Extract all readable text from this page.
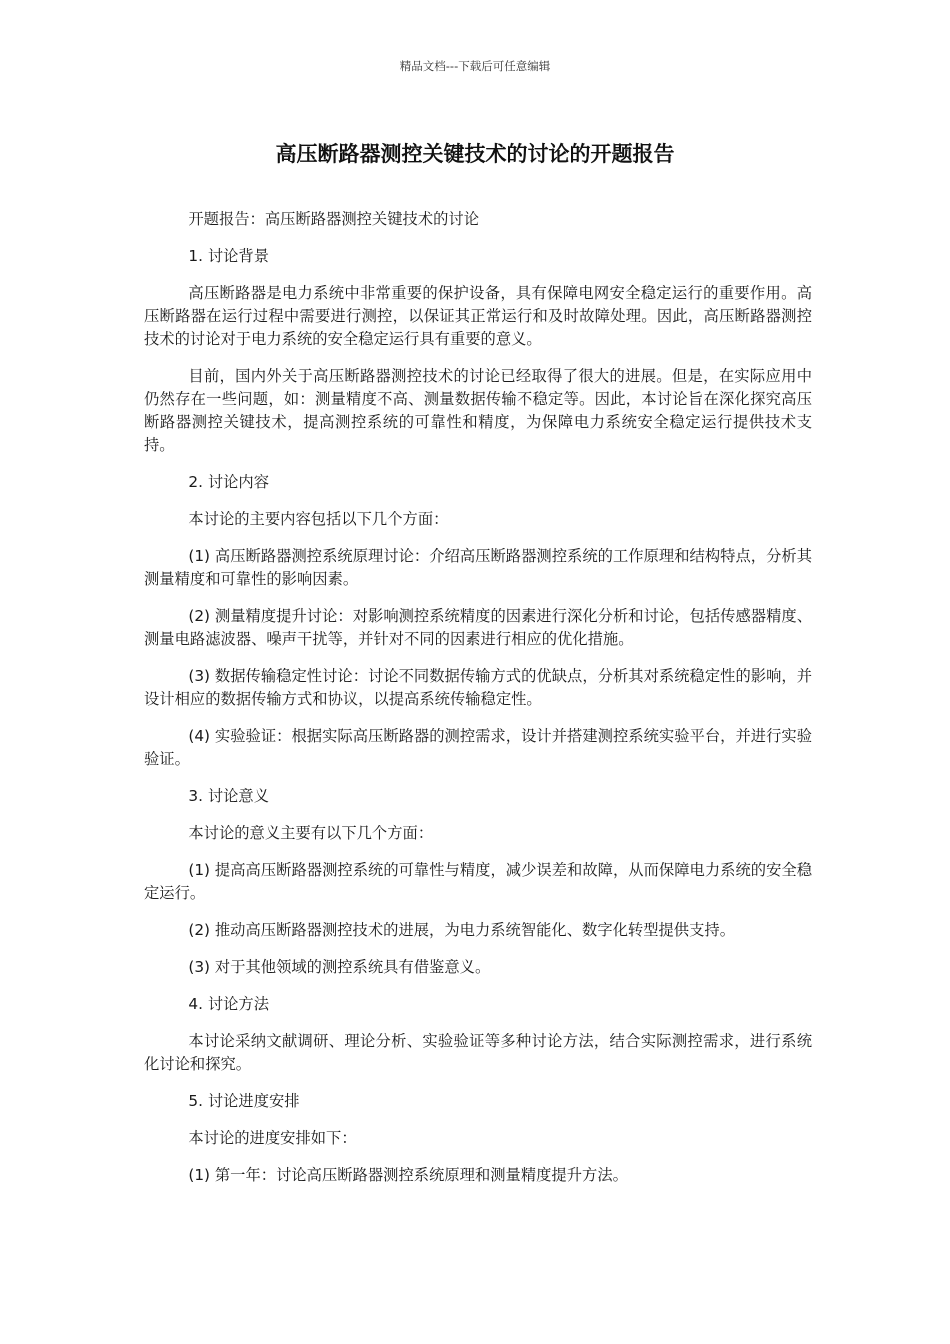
精品文档---下载后可任意编辑
高压断路器测控关键技术的讨论的开题报告

开题报告：高压断路器测控关键技术的讨论

1. 讨论背景

高压断路器是电力系统中非常重要的保护设备，具有保障电网安全稳定运行的重要作用。高压断路器在运行过程中需要进行测控，以保证其正常运行和及时故障处理。因此，高压断路器测控技术的讨论对于电力系统的安全稳定运行具有重要的意义。

目前，国内外关于高压断路器测控技术的讨论已经取得了很大的进展。但是，在实际应用中仍然存在一些问题，如：测量精度不高、测量数据传输不稳定等。因此，本讨论旨在深化探究高压断路器测控关键技术，提高测控系统的可靠性和精度，为保障电力系统安全稳定运行提供技术支持。

2. 讨论内容

本讨论的主要内容包括以下几个方面：

(1) 高压断路器测控系统原理讨论：介绍高压断路器测控系统的工作原理和结构特点，分析其测量精度和可靠性的影响因素。

(2) 测量精度提升讨论：对影响测控系统精度的因素进行深化分析和讨论，包括传感器精度、测量电路滤波器、噪声干扰等，并针对不同的因素进行相应的优化措施。

(3) 数据传输稳定性讨论：讨论不同数据传输方式的优缺点，分析其对系统稳定性的影响，并设计相应的数据传输方式和协议，以提高系统传输稳定性。

(4) 实验验证：根据实际高压断路器的测控需求，设计并搭建测控系统实验平台，并进行实验验证。

3. 讨论意义

本讨论的意义主要有以下几个方面：

(1) 提高高压断路器测控系统的可靠性与精度，减少误差和故障，从而保障电力系统的安全稳定运行。

(2) 推动高压断路器测控技术的进展，为电力系统智能化、数字化转型提供支持。

(3) 对于其他领域的测控系统具有借鉴意义。

4. 讨论方法

本讨论采纳文献调研、理论分析、实验验证等多种讨论方法，结合实际测控需求，进行系统化讨论和探究。

5. 讨论进度安排

本讨论的进度安排如下：

(1) 第一年：讨论高压断路器测控系统原理和测量精度提升方法。
